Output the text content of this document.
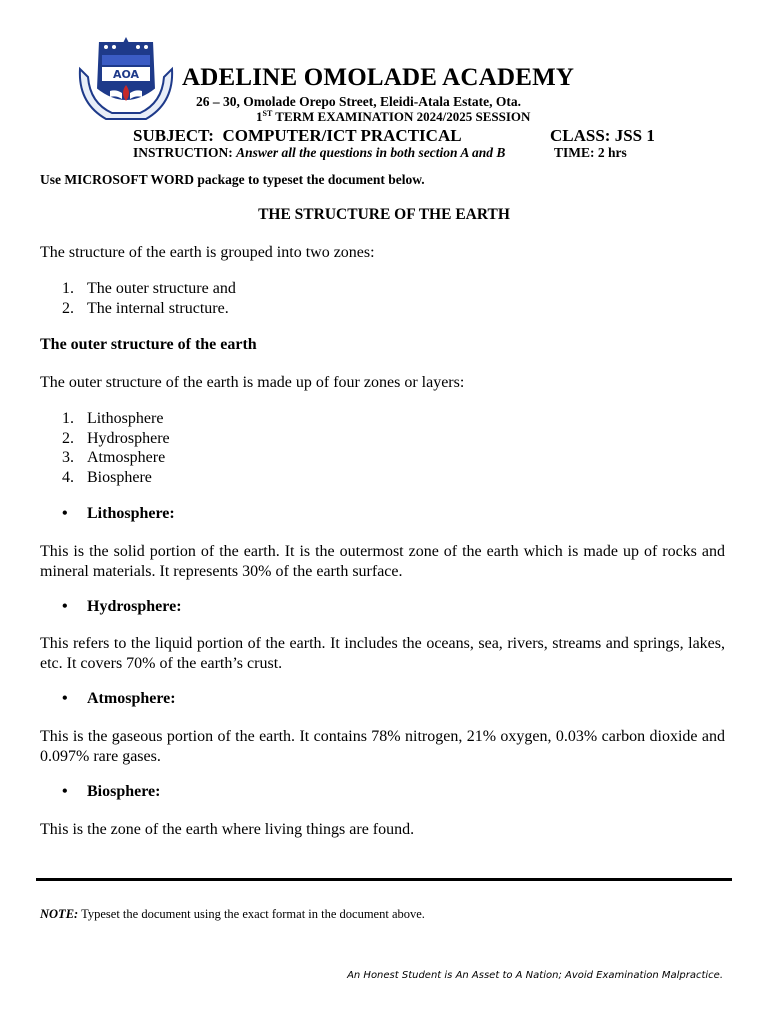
AOA ADELINE OMOLADE ACADEMY
26 – 30, Omolade Orepo Street, Eleidi-Atala Estate, Ota.
1ST TERM EXAMINATION 2024/2025 SESSION
SUBJECT: COMPUTER/ICT PRACTICAL	CLASS: JSS 1
INSTRUCTION: Answer all the questions in both section A and B	TIME: 2 hrs
Use MICROSOFT WORD package to typeset the document below.
THE STRUCTURE OF THE EARTH
The structure of the earth is grouped into two zones:
1. The outer structure and
2. The internal structure.
The outer structure of the earth
The outer structure of the earth is made up of four zones or layers:
1. Lithosphere
2. Hydrosphere
3. Atmosphere
4. Biosphere
• Lithosphere:
This is the solid portion of the earth. It is the outermost zone of the earth which is made up of rocks and mineral materials. It represents 30% of the earth surface.
• Hydrosphere:
This refers to the liquid portion of the earth. It includes the oceans, sea, rivers, streams and springs, lakes, etc. It covers 70% of the earth’s crust.
• Atmosphere:
This is the gaseous portion of the earth. It contains 78% nitrogen, 21% oxygen, 0.03% carbon dioxide and 0.097% rare gases.
• Biosphere:
This is the zone of the earth where living things are found.
NOTE: Typeset the document using the exact format in the document above.
An Honest Student is An Asset to A Nation; Avoid Examination Malpractice.
